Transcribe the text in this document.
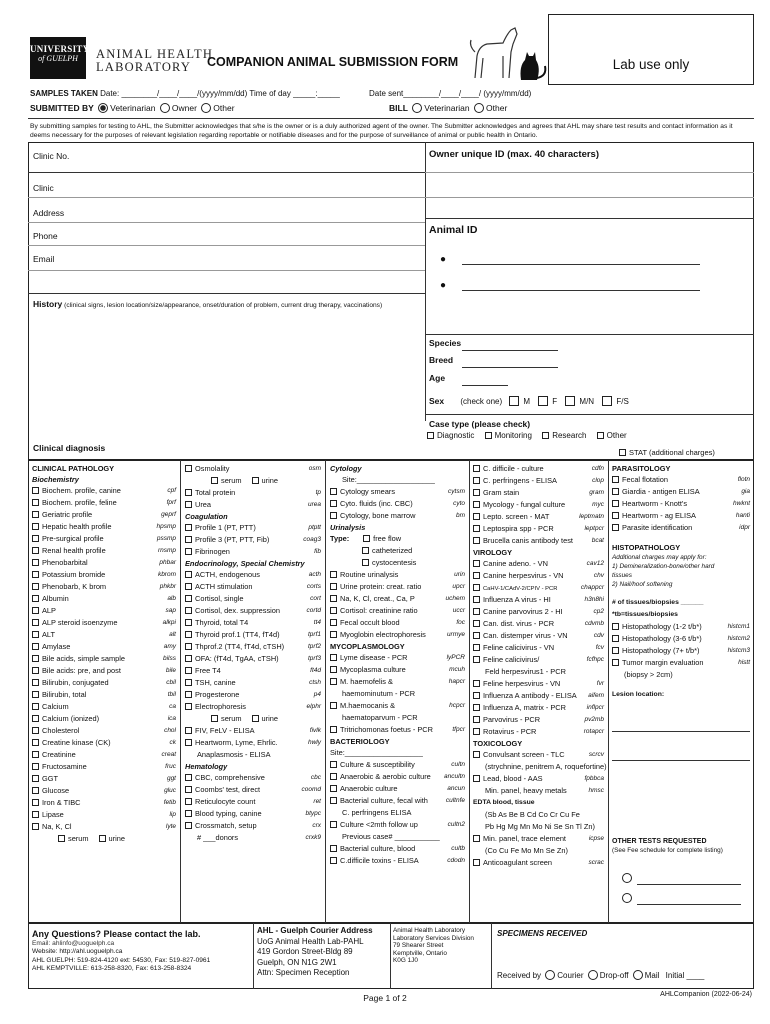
UNIVERSITY
of GUELPH	ANIMAL HEALTH
LABORATORY	COMPANION ANIMAL SUBMISSION FORM	Lab use only
SAMPLES TAKEN Date: ________/____/____/(yyyy/mm/dd) Time of day _____:_____	Date sent________/____/____/ (yyyy/mm/dd)
SUBMITTED BY Veterinarian Owner Other	BILL Veterinarian Other
By submitting samples for testing to AHL, the Submitter acknowledges that s/he is the owner or is a duly authorized agent of the owner. The Submitter acknowledges and agrees that AHL may share test results and contact information as it deems necessary for the purposes of relevant legislation regarding reportable or notifiable diseases and for the purpose of surveillance of animal or public health in Ontario.
Clinic No.
Clinic
Address
Phone
Email
History (clinical signs, lesion location/size/appearance, onset/duration of problem, current drug therapy, vaccinations)
Clinical diagnosis
Owner unique ID (max. 40 characters)
Animal ID
●
●
Species
Breed
Age
Sex (check one)	M	F	M/N	F/S
Case type (please check)
Diagnostic	Monitoring	Research	Other
STAT (additional charges)
CLINICAL PATHOLOGY
Biochemistry
Biochem. profile, canine	cpf
Biochem. profile, feline	fprf
Geriatric profile	geprf
Hepatic health profile	hpsmp
Pre-surgical profile	pssmp
Renal health profile	rnsmp
Phenobarbital	phbar
Potassium bromide	kbrom
Phenobarb, K brom	phkbr
Albumin	alb
ALP	sap
ALP steroid isoenzyme	alkpi
ALT	alt
Amylase	amy
Bile acids, simple sample	bilss
Bile acids: pre, and post	bile
Bilirubin, conjugated	cbil
Bilirubin, total	tbil
Calcium	ca
Calcium (ionized)	ica
Cholesterol	chol
Creatine kinase (CK)	ck
Creatinine	creat
Fructosamine	fruc
GGT	ggt
Glucose	gluc
Iron & TIBC	fetib
Lipase	lip
Na, K, Cl	lyte
serum	urine
Osmolality	osm
serum	urine
Total protein	tp
Urea	urea
Coagulation
Profile 1 (PT, PTT)	ptptt
Profile 3 (PT, PTT, Fib)	coag3
Fibrinogen	fib
Endocrinology, Special Chemistry
ACTH, endogenous	acth
ACTH stimulation	corts
Cortisol, single	cort
Cortisol, dex. suppression	cortd
Thyroid, total T4	tt4
Thyroid prof.1 (TT4, fT4d)	tprf1
Thprof.2 (TT4, fT4d, cTSH)	tprf2
OFA: (fT4d, TgAA, cTSH)	tprf3
Free T4	ft4d
TSH, canine	ctsh
Progesterone	p4
Electrophoresis	elphr
serum	urine
FIV, FeLV - ELISA	fivlk
Heartworm, Lyme, Ehrlic.	hwly
Anaplasmosis - ELISA
Hematology
CBC, comprehensive	cbc
Coombs' test, direct	coomd
Reticulocyte count	ret
Blood typing, canine	btypc
Crossmatch, setup	crx
# ___donors	crxk9
Cytology
Site:___________________
Cytology smears	cytsm
Cyto. fluids (inc. CBC)	cyto
Cytology, bone marrow	bm
Urinalysis
Type:	free flow
catheterized
cystocentesis
Routine urinalysis	urin
Urine protein: creat. ratio	upcr
Na, K, Cl, creat., Ca, P	uchem
Cortisol: creatinine ratio	uccr
Fecal occult blood	foc
Myoglobin electrophoresis	urmye
MYCOPLASMOLOGY
Lyme disease - PCR	lyPCR
Mycoplasma culture	mcuh
M. haemofelis &	hapcr
haemominutum - PCR
M.haemocanis &	hcpcr
haematoparvum - PCR
Tritrichomonas foetus - PCR	tfpcr
BACTERIOLOGY
Site:___________________
Culture & susceptibility	cultn
Anaerobic & aerobic culture ancultn
Anaerobic culture	ancun
Bacterial culture, fecal with	cultnfe
C. perfringens ELISA
Culture <2mth follow up	cultn2
Previous case# ___________
Bacterial culture, blood	cultb
C.difficile toxins - ELISA	cdodn
C. difficile - culture	cdfn
C. perfringens - ELISA	clop
Gram stain	gram
Mycology - fungal culture	myc
Lepto. screen - MAT	leptmatn
Leptospira spp - PCR	leptpcr
Brucella canis antibody test	bcat
VIROLOGY
Canine adeno. - VN	cav12
Canine herpesvirus - VN	chv
CaHV-1/CAdV-2/CPIV - PCR	chappcr
Influenza A virus - HI	h3n8hi
Canine parvovirus 2 - HI	cp2
Can. dist. virus - PCR	cdvmb
Can. distemper virus - VN	cdv
Feline calicivirus - VN	fcv
Feline calicivirus/	fcfhpc
Feld herpesvirus1 - PCR
Feline herpesvirus - VN	fvr
Influenza A antibody - ELISA aifem
Influenza A, matrix - PCR	inflpcr
Parvovirus - PCR	pv2mb
Rotavirus - PCR	rotapcr
TOXICOLOGY
Convulsant screen - TLC	scrcv
(strychnine, penitrem A, roquefortine)
Lead, blood - AAS	fpbbca
Min. panel, heavy metals	hmsc
EDTA blood, tissue
(Sb As Be B Cd Co Cr Cu Fe
Pb Hg Mg Mn Mo Ni Se Sn Tl Zn)
Min. panel, trace element	icpse
(Co Cu Fe Mo Mn Se Zn)
Anticoagulant screen	scrac
PARASITOLOGY
Fecal flotation	flotn
Giardia - antigen ELISA	gia
Heartworm - Knott's	hwknt
Heartworm - ag ELISA	hanti
Parasite identification	idpr
HISTOPATHOLOGY
Additional charges may apply for:
1) Demineralization-bone/other hard
tissues
2) Nail/hoof softening
# of tissues/biopsies ______
*tb=tissues/biopsies
Histopathology (1-2 t/b*)	histcm1
Histopathology (3-6 t/b*)	histcm2
Histopathology (7+ t/b*)	histcm3
Tumor margin evaluation	histt
(biopsy > 2cm)
Lesion location:
OTHER TESTS REQUESTED
(See Fee schedule for complete listing)
Any Questions? Please contact the lab.
Email: ahlinfo@uoguelph.ca
Website: http://ahl.uoguelph.ca
AHL GUELPH: 519-824-4120 ext: 54530, Fax: 519-827-0961
AHL KEMPTVILLE: 613-258-8320, Fax: 613-258-8324
AHL - Guelph Courier Address
UoG Animal Health Lab-PAHL
419 Gordon Street-Bldg 89
Guelph, ON N1G 2W1
Attn: Specimen Reception
Animal Health Laboratory
Laboratory Services Division
79 Shearer Street
Kemptville, Ontario
K0G 1J0
SPECIMENS RECEIVED
Received by Courier Drop-off Mail Initial ____
Page 1 of 2	AHLCompanion (2022-06-24)
